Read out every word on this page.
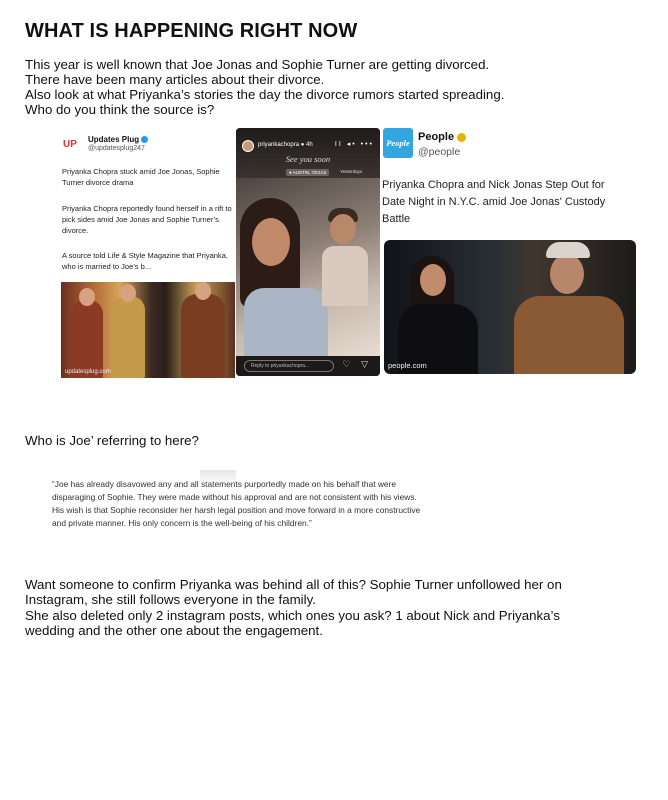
WHAT IS HAPPENING RIGHT NOW
This year is well known that Joe Jonas and Sophie Turner are getting divorced.
There have been many articles about their divorce.
Also look at what Priyanka’s stories the day the divorce rumors started spreading.
Who do you think the source is?
UP Updates Plug
@updatesplug247
Priyanka Chopra stuck amid Joe Jonas, Sophie Turner divorce drama
Priyanka Chopra reportedly found herself in a rift to pick sides amid Joe Jonas and Sophie Turner’s divorce.
A source told Life & Style Magazine that Priyanka, who is married to Joe’s b...
updatesplug.com
priyankachopra ● 4h	II ◂• •••
See you soon
● AUSTIN, TEXAS	Yesterdays
Reply to priyankachopra...	♡ ▽
People People
@people
Priyanka Chopra and Nick Jonas Step Out for
Date Night in N.Y.C. amid Joe Jonas' Custody
Battle
people.com
Who is Joe’ referring to here?
“Joe has already disavowed any and all statements purportedly made on his behalf that were
disparaging of Sophie. They were made without his approval and are not consistent with his views.
His wish is that Sophie reconsider her harsh legal position and move forward in a more constructive
and private manner. His only concern is the well-being of his children.”
Want someone to confirm Priyanka was behind all of this? Sophie Turner unfollowed her on
Instagram, she still follows everyone in the family.
She also deleted only 2 instagram posts, which ones you ask? 1 about Nick and Priyanka’s
wedding and the other one about the engagement.
